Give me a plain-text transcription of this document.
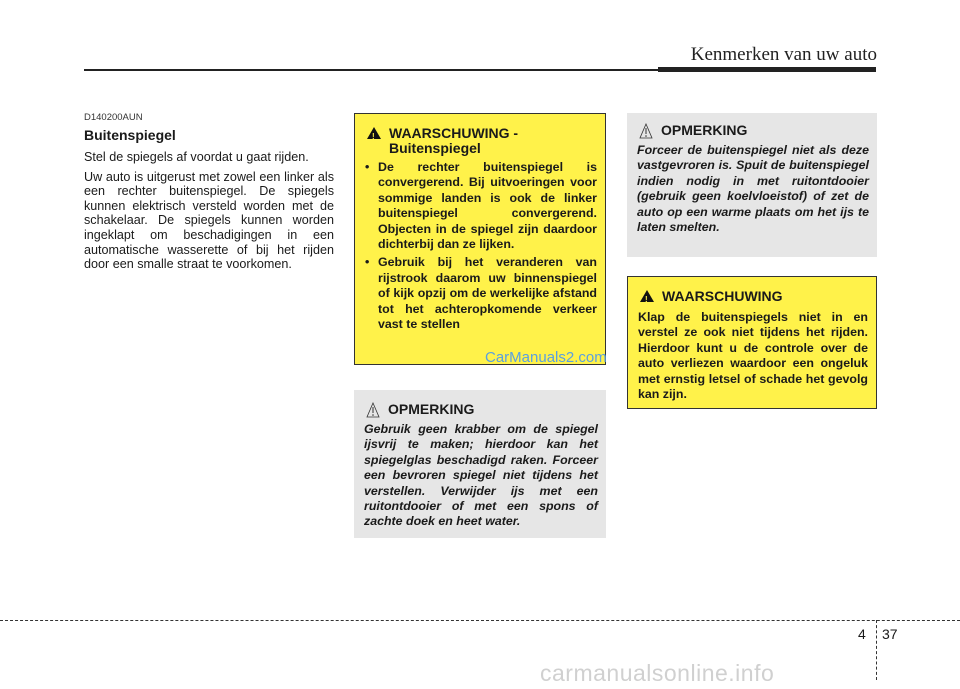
Kenmerken van uw auto

D140200AUN

Buitenspiegel

Stel de spiegels af voordat u gaat rijden.

Uw auto is uitgerust met zowel een linker als een rechter buitenspiegel. De spiegels kunnen elektrisch versteld worden met de schakelaar. De spiegels kunnen worden ingeklapt om beschadigingen in een automatische wasserette of bij het rijden door een smalle straat te voorkomen.

!
WAARSCHUWING - Buitenspiegel
• De rechter buitenspiegel is convergerend. Bij uitvoeringen voor sommige landen is ook de linker buitenspiegel convergerend. Objecten in de spiegel zijn daardoor dichterbij dan ze lijken.
• Gebruik bij het veranderen van rijstrook daarom uw binnenspiegel of kijk opzij om de werkelijke afstand tot het achteropkomende verkeer vast te stellen
CarManuals2.com
OPMERKING
Gebruik geen krabber om de spiegel ijsvrij te maken; hierdoor kan het spiegelglas beschadigd raken. Forceer een bevroren spiegel niet tijdens het verstellen. Verwijder ijs met een ruitontdooier of met een spons of zachte doek en heet water.
OPMERKING
Forceer de buitenspiegel niet als deze vastgevroren is. Spuit de buitenspiegel indien nodig in met ruitontdooier (gebruik geen koelvloeistof) of zet de auto op een warme plaats om het ijs te laten smelten.
!
WAARSCHUWING
Klap de buitenspiegels niet in en verstel ze ook niet tijdens het rijden. Hierdoor kunt u de controle over de auto verliezen waardoor een ongeluk met ernstig letsel of schade het gevolg kan zijn.
4 37
carmanualsonline.info
